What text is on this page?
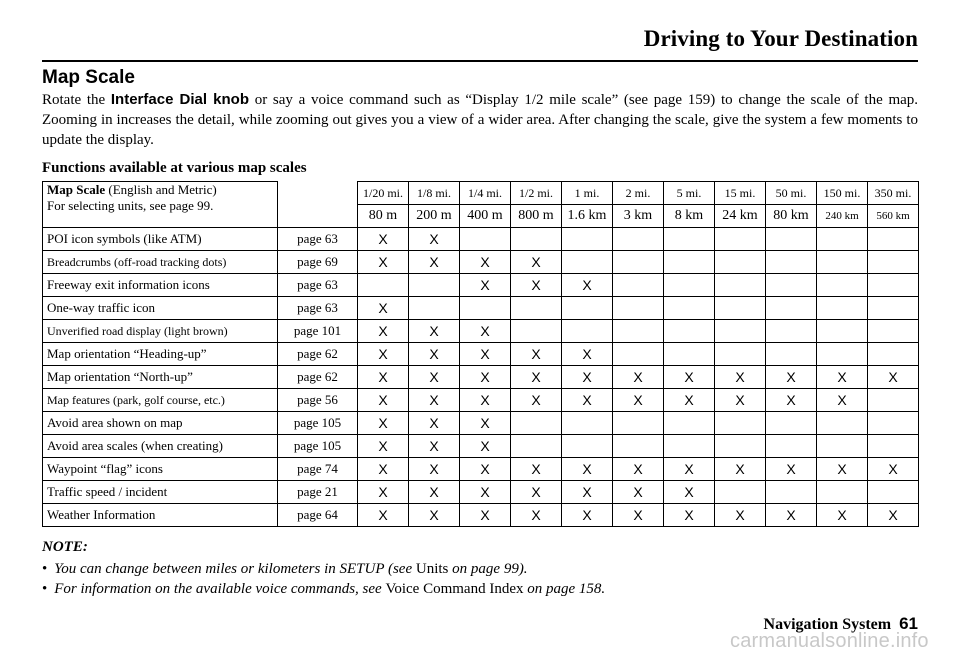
Driving to Your Destination
Map Scale

Rotate the Interface Dial knob or say a voice command such as “Display 1/2 mile scale” (see page 159) to change the scale of the map. Zooming in increases the detail, while zooming out gives you a view of a wider area. After changing the scale, give the system a few moments to update the display.

Functions available at various map scales

Map Scale (English and Metric)
For selecting units, see page 99.		1/20 mi.	1/8 mi.	1/4 mi.	1/2 mi.	1 mi.	2 mi.	5 mi.	15 mi.	50 mi.	150 mi.	350 mi.
		80 m	200 m	400 m	800 m	1.6 km	3 km	8 km	24 km	80 km	240 km	560 km
POI icon symbols (like ATM)	page 63	X	X									
Breadcrumbs (off-road tracking dots)	page 69	X	X	X	X							
Freeway exit information icons	page 63			X	X	X						
One-way traffic icon	page 63	X										
Unverified road display (light brown)	page 101	X	X	X								
Map orientation “Heading-up”	page 62	X	X	X	X	X						
Map orientation “North-up”	page 62	X	X	X	X	X	X	X	X	X	X	X
Map features (park, golf course, etc.)	page 56	X	X	X	X	X	X	X	X	X	X	
Avoid area shown on map	page 105	X	X	X								
Avoid area scales (when creating)	page 105	X	X	X								
Waypoint “flag” icons	page 74	X	X	X	X	X	X	X	X	X	X	X
Traffic speed / incident	page 21	X	X	X	X	X	X	X				
Weather Information	page 64	X	X	X	X	X	X	X	X	X	X	X

NOTE:

• You can change between miles or kilometers in SETUP (see Units on page 99).
• For information on the available voice commands, see Voice Command Index on page 158.
Navigation System 61
carmanualsonline.info
